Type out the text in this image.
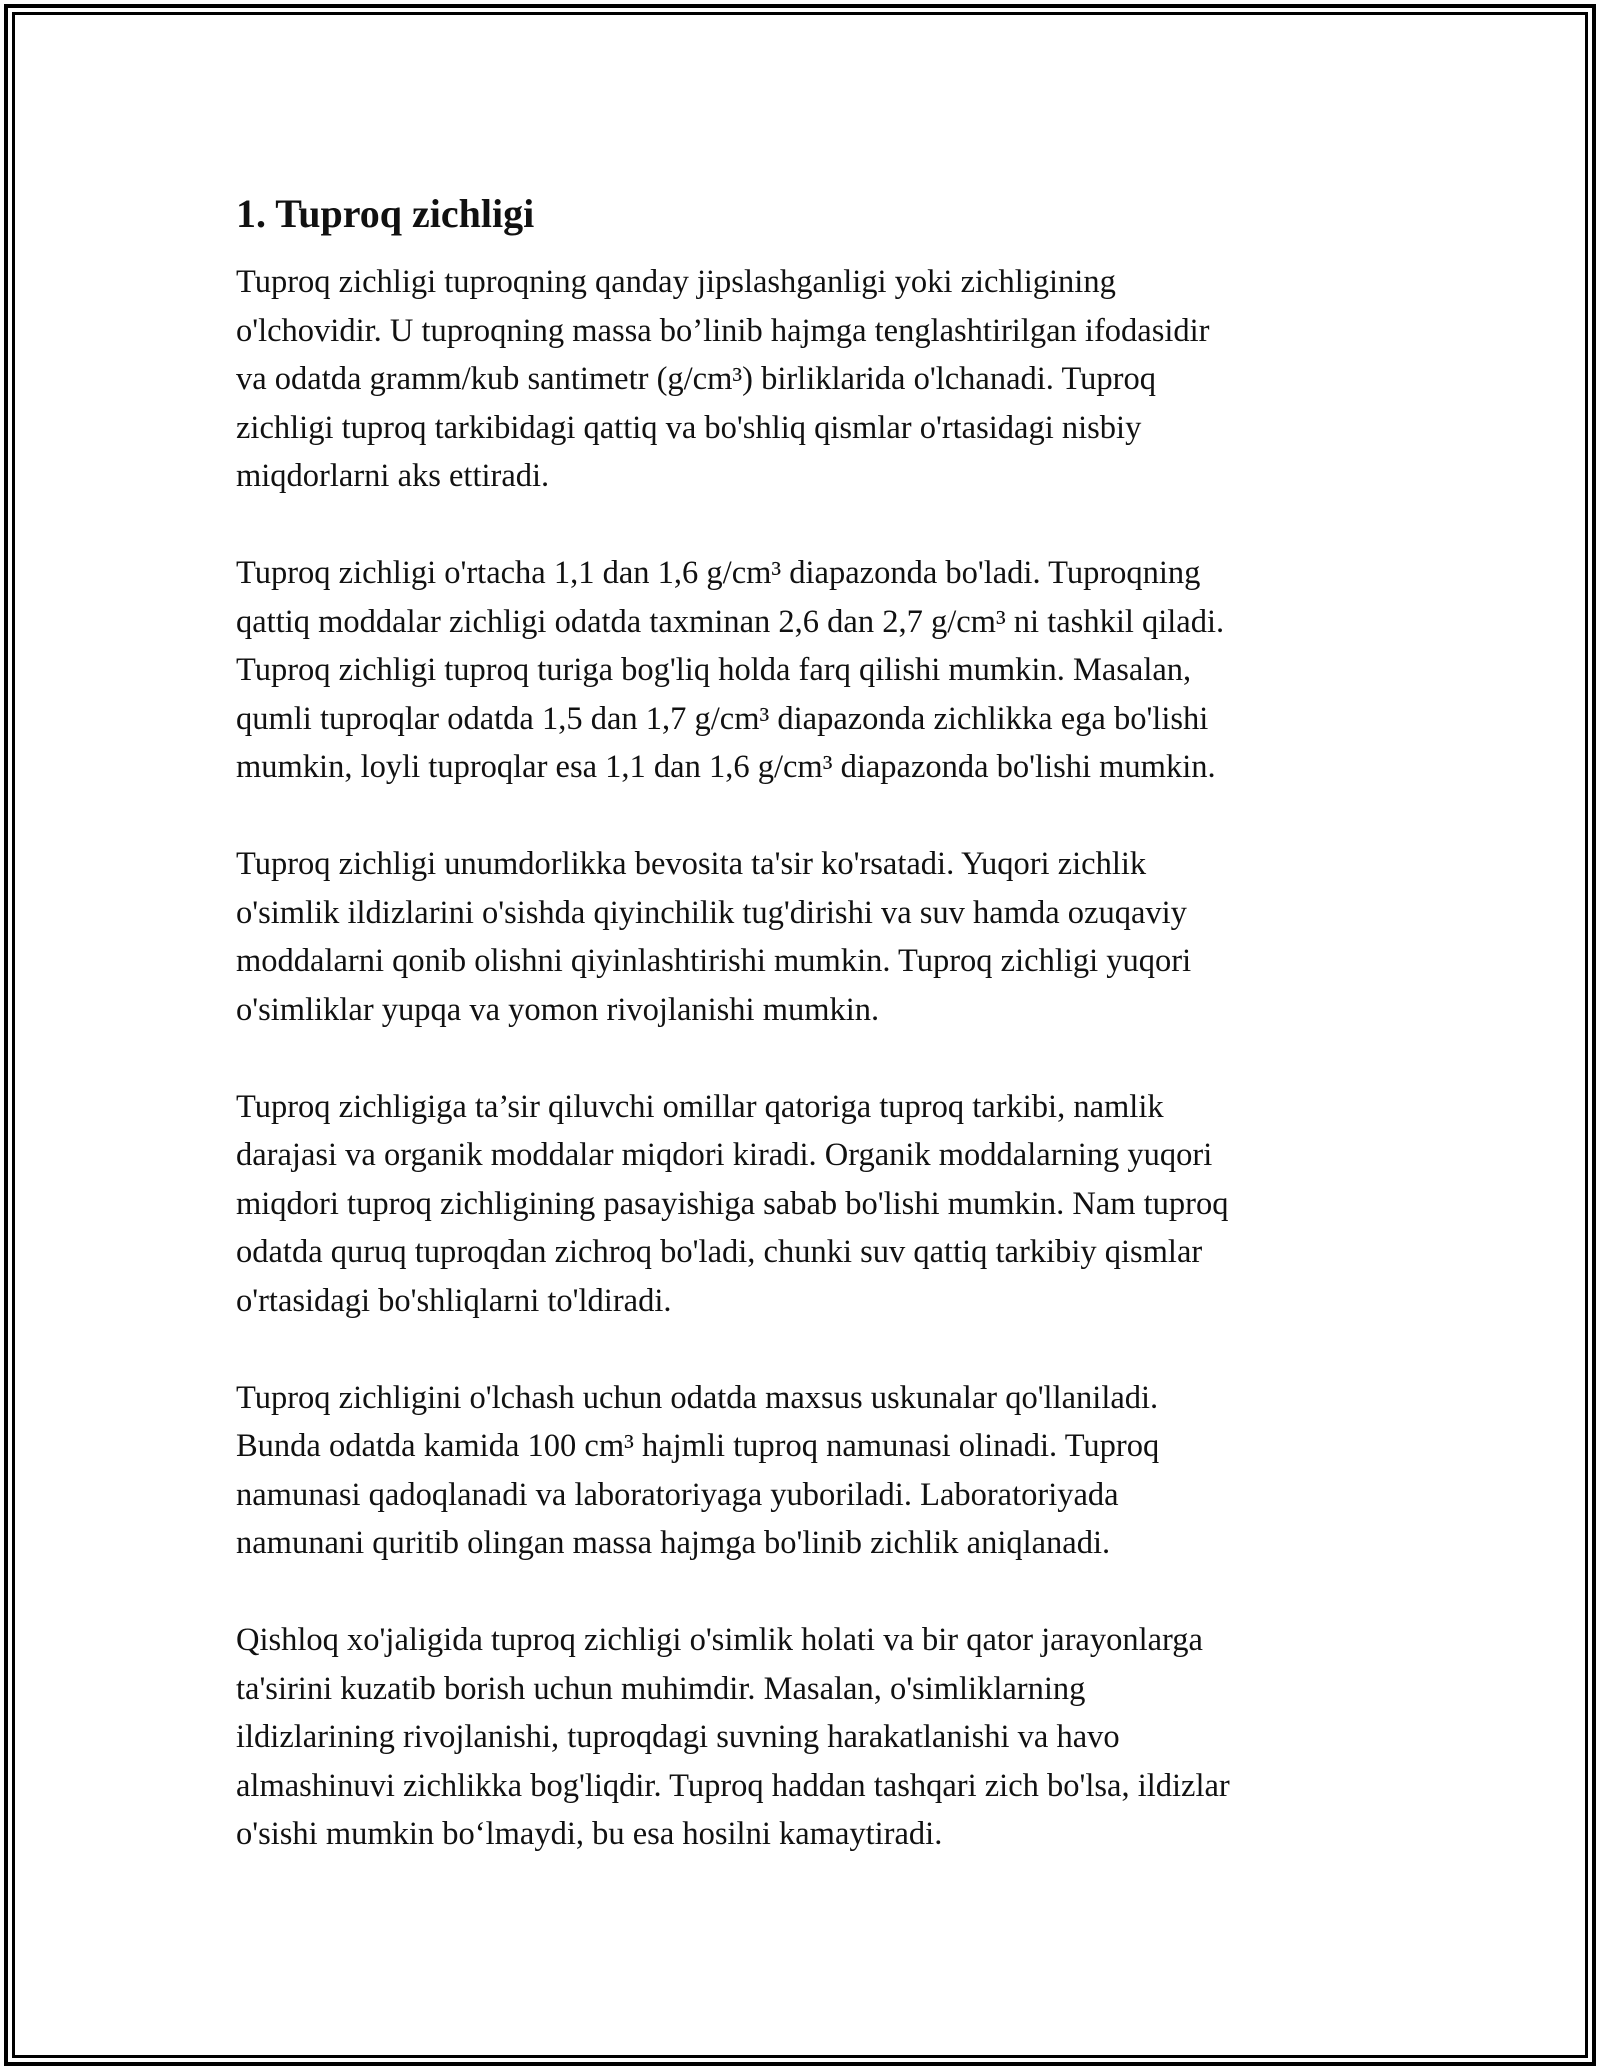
1. Tuproq zichligi

Tuproq zichligi tuproqning qanday jipslashganligi yoki zichligining
o'lchovidir. U tuproqning massa bo’linib hajmga tenglashtirilgan ifodasidir
va odatda gramm/kub santimetr (g/cm³) birliklarida o'lchanadi. Tuproq
zichligi tuproq tarkibidagi qattiq va bo'shliq qismlar o'rtasidagi nisbiy
miqdorlarni aks ettiradi.

Tuproq zichligi o'rtacha 1,1 dan 1,6 g/cm³ diapazonda bo'ladi. Tuproqning
qattiq moddalar zichligi odatda taxminan 2,6 dan 2,7 g/cm³ ni tashkil qiladi.
Tuproq zichligi tuproq turiga bog'liq holda farq qilishi mumkin. Masalan,
qumli tuproqlar odatda 1,5 dan 1,7 g/cm³ diapazonda zichlikka ega bo'lishi
mumkin, loyli tuproqlar esa 1,1 dan 1,6 g/cm³ diapazonda bo'lishi mumkin.

Tuproq zichligi unumdorlikka bevosita ta'sir ko'rsatadi. Yuqori zichlik
o'simlik ildizlarini o'sishda qiyinchilik tug'dirishi va suv hamda ozuqaviy
moddalarni qonib olishni qiyinlashtirishi mumkin. Tuproq zichligi yuqori
o'simliklar yupqa va yomon rivojlanishi mumkin.

Tuproq zichligiga ta’sir qiluvchi omillar qatoriga tuproq tarkibi, namlik
darajasi va organik moddalar miqdori kiradi. Organik moddalarning yuqori
miqdori tuproq zichligining pasayishiga sabab bo'lishi mumkin. Nam tuproq
odatda quruq tuproqdan zichroq bo'ladi, chunki suv qattiq tarkibiy qismlar
o'rtasidagi bo'shliqlarni to'ldiradi.

Tuproq zichligini o'lchash uchun odatda maxsus uskunalar qo'llaniladi.
Bunda odatda kamida 100 cm³ hajmli tuproq namunasi olinadi. Tuproq
namunasi qadoqlanadi va laboratoriyaga yuboriladi. Laboratoriyada
namunani quritib olingan massa hajmga bo'linib zichlik aniqlanadi.

Qishloq xo'jaligida tuproq zichligi o'simlik holati va bir qator jarayonlarga
ta'sirini kuzatib borish uchun muhimdir. Masalan, o'simliklarning
ildizlarining rivojlanishi, tuproqdagi suvning harakatlanishi va havo
almashinuvi zichlikka bog'liqdir. Tuproq haddan tashqari zich bo'lsa, ildizlar
o'sishi mumkin bo‘lmaydi, bu esa hosilni kamaytiradi.
